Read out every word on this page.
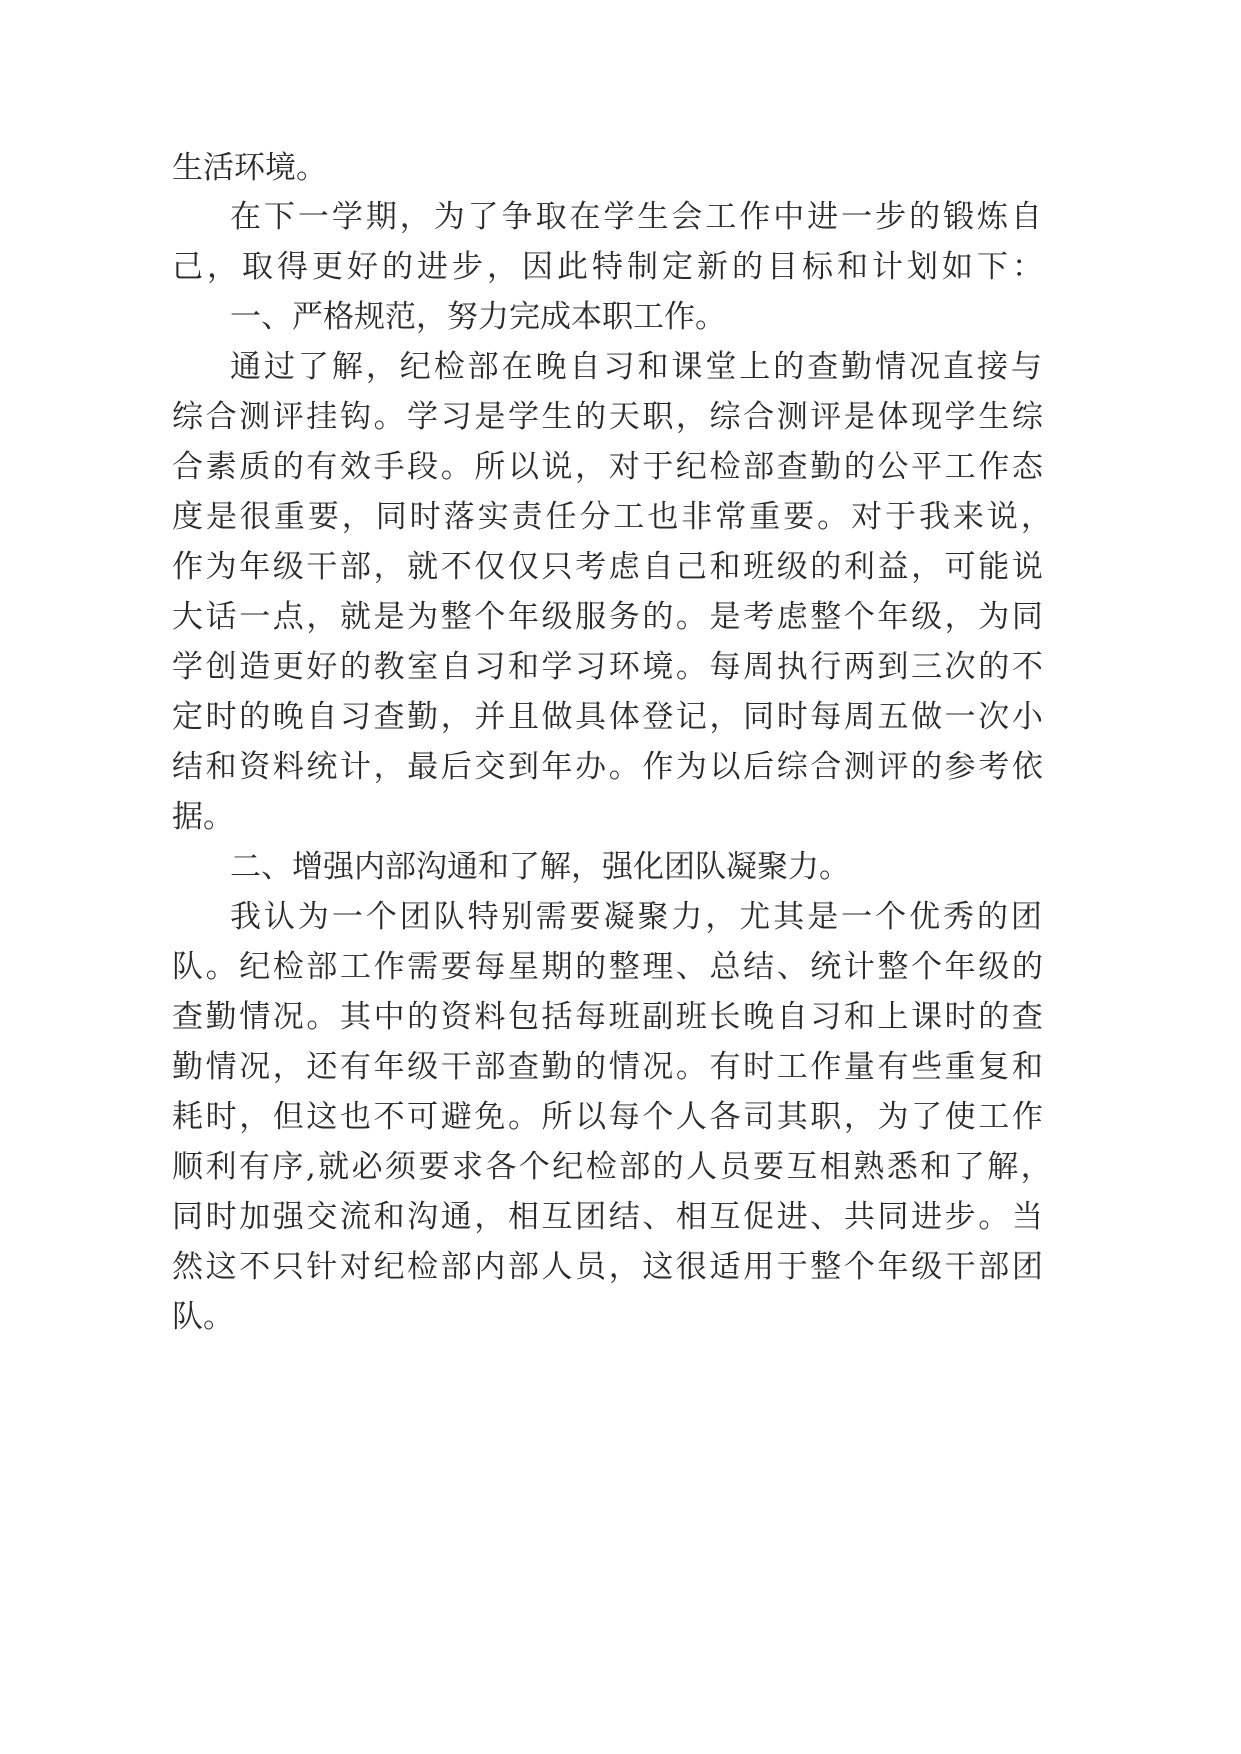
生活环境。
在 下 一 学 期 ， 为 了 争 取 在 学 生 会 工 作 中 进 一 步 的 锻 炼 自
己 ， 取 得 更 好 的 进 步 ， 因 此 特 制 定 新 的 目 标 和 计 划 如 下 ：
一、严格规范，努力完成本职工作。
通 过 了 解 ， 纪 检 部 在 晚 自 习 和 课 堂 上 的 查 勤 情 况 直 接 与
综 合 测 评 挂 钩 。 学 习 是 学 生 的 天 职 ， 综 合 测 评 是 体 现 学 生 综
合 素 质 的 有 效 手 段 。 所 以 说 ， 对 于 纪 检 部 查 勤 的 公 平 工 作 态
度 是 很 重 要 ， 同 时 落 实 责 任 分 工 也 非 常 重 要 。 对 于 我 来 说 ，
作 为 年 级 干 部 ， 就 不 仅 仅 只 考 虑 自 己 和 班 级 的 利 益 ， 可 能 说
大 话 一 点 ， 就 是 为 整 个 年 级 服 务 的 。 是 考 虑 整 个 年 级 ， 为 同
学 创 造 更 好 的 教 室 自 习 和 学 习 环 境 。 每 周 执 行 两 到 三 次 的 不
定 时 的 晚 自 习 查 勤 ， 并 且 做 具 体 登 记 ， 同 时 每 周 五 做 一 次 小
结 和 资 料 统 计 ， 最 后 交 到 年 办 。 作 为 以 后 综 合 测 评 的 参 考 依
据。
二、增强内部沟通和了解，强化团队凝聚力。
我 认 为 一 个 团 队 特 别 需 要 凝 聚 力 ， 尤 其 是 一 个 优 秀 的 团
队 。 纪 检 部 工 作 需 要 每 星 期 的 整 理 、 总 结 、 统 计 整 个 年 级 的
查 勤 情 况 。 其 中 的 资 料 包 括 每 班 副 班 长 晚 自 习 和 上 课 时 的 查
勤 情 况 ， 还 有 年 级 干 部 查 勤 的 情 况 。 有 时 工 作 量 有 些 重 复 和
耗 时 ， 但 这 也 不 可 避 免 。 所 以 每 个 人 各 司 其 职 ， 为 了 使 工 作
顺 利 有 序 , 就 必 须 要 求 各 个 纪 检 部 的 人 员 要 互 相 熟 悉 和 了 解 ，
同 时 加 强 交 流 和 沟 通 ， 相 互 团 结 、 相 互 促 进 、 共 同 进 步 。 当
然 这 不 只 针 对 纪 检 部 内 部 人 员 ， 这 很 适 用 于 整 个 年 级 干 部 团
队。
